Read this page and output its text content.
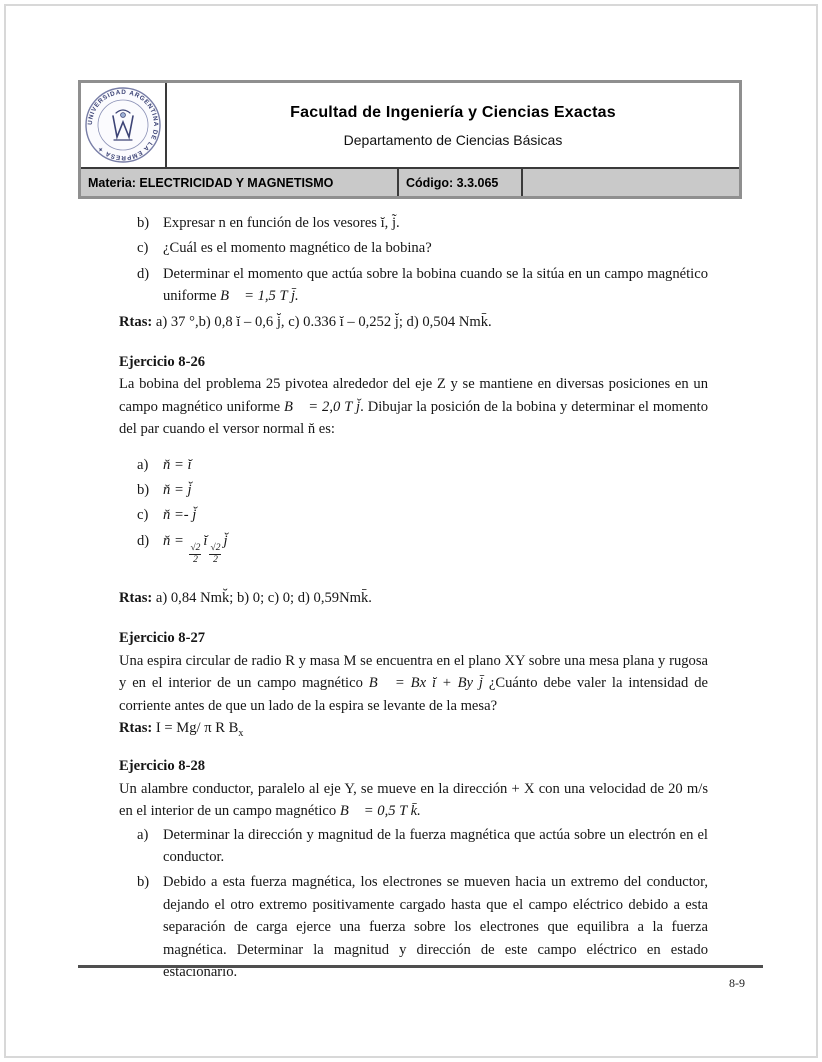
UNIVERSIDAD ARGENTINA DE LA EMPRESA ✦
Facultad de Ingeniería y Ciencias Exactas
Departamento de Ciencias Básicas
Materia: ELECTRICIDAD Y MAGNETISMO	Código: 3.3.065
b) Expresar n en función de los vesores ĭ, j̃.
c)	¿Cuál es el momento magnético de la bobina?
d) Determinar el momento que actúa sobre la bobina cuando se la sitúa en un campo magnético uniforme B⃗ = 1,5 T j̄.

Rtas: a) 37 °,b) 0,8 ĭ – 0,6 j̆, c) 0.336 ĭ – 0,252 j̆; d) 0,504 Nmk̄.

Ejercicio 8-26

La bobina del problema 25 pivotea alrededor del eje Z y se mantiene en diversas posiciones en un campo magnético uniforme B⃗ = 2,0 T j̆. Dibujar la posición de la bobina y determinar el momento del par cuando el versor normal n̆ es:

a)	n̆ = ĭ
b) n̆ = j̆
c)	n̆ =- j̆
d) n̆ =
$\frac{√2}{2}$
ĭ
$\frac{√2}{2}$
j̆

Rtas: a) 0,84 Nmk̆; b) 0; c) 0; d) 0,59Nmk̄.

Ejercicio 8-27

Una espira circular de radio R y masa M se encuentra en el plano XY sobre una mesa plana y rugosa y en el interior de un campo magnético B⃗ = Bx ĭ + By j̄ ¿Cuánto debe valer la intensidad de corriente antes de que un lado de la espira se levante de la mesa?

Rtas: I = Mg/ π R $B_x$

Ejercicio 8-28

Un alambre conductor, paralelo al eje Y, se mueve en la dirección + X con una velocidad de 20 m/s en el interior de un campo magnético B⃗ = 0,5 T k̄.

a)	Determinar la dirección y magnitud de la fuerza magnética que actúa sobre un electrón en el conductor.
b) Debido a esta fuerza magnética, los electrones se mueven hacia un extremo del conductor, dejando el otro extremo positivamente cargado hasta que el campo eléctrico debido a esta separación de carga ejerce una fuerza sobre los electrones que equilibra a la fuerza magnética. Determinar la magnitud y dirección de este campo eléctrico en estado estacionario.
8-9
